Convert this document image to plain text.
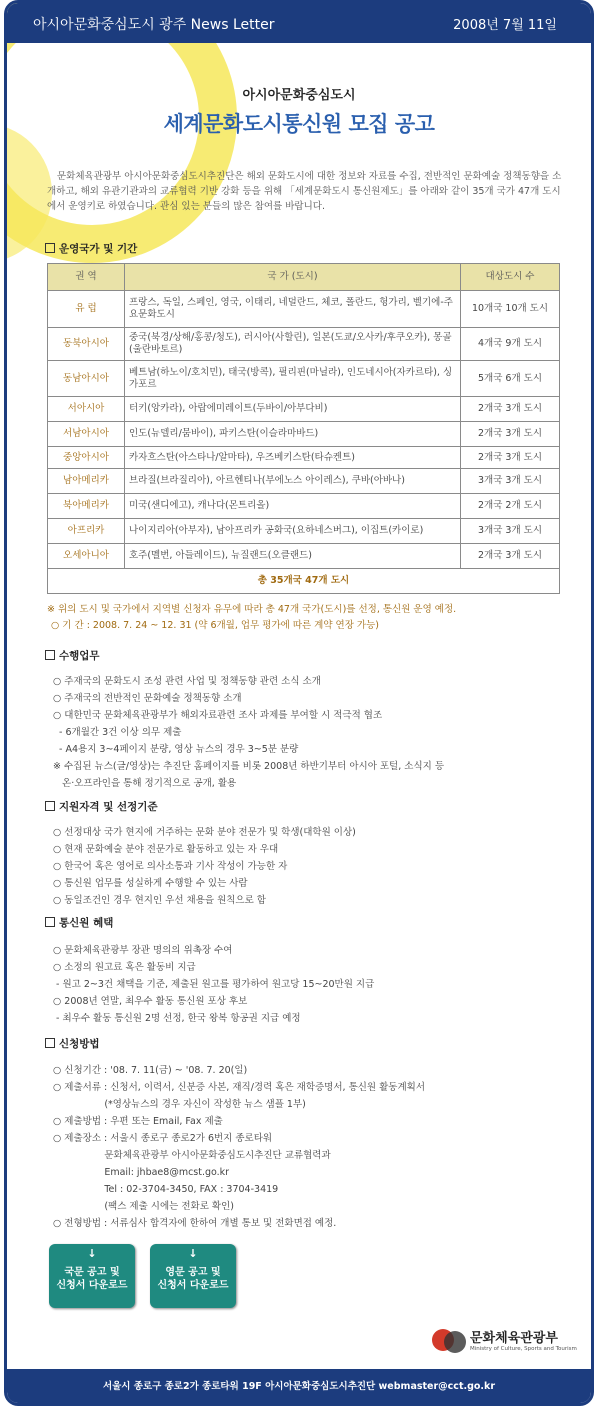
아시아문화중심도시 광주 News Letter	2008년 7월 11일
아시아문화중심도시
세계문화도시통신원 모집 공고
문화체육관광부 아시아문화중심도시추진단은 해외 문화도시에 대한 정보와 자료를 수집, 전반적인 문화예술 정책동향을 소개하고, 해외 유관기관과의 교류협력 기반 강화 등을 위해 「세계문화도시 통신원제도」를 아래와 같이 35개 국가 47개 도시에서 운영키로 하였습니다. 관심 있는 분들의 많은 참여를 바랍니다.
운영국가 및 기간
권 역	국 가 (도시)	대상도시 수
유 럽	프랑스, 독일, 스페인, 영국, 이태리, 네덜란드, 체코, 폴란드, 헝가리, 벨기에-주요문화도시	10개국 10개 도시
동북아시아	중국(북경/상해/홍콩/청도), 러시아(사할린), 일본(도쿄/오사카/후쿠오카), 몽골(울란바토르)	4개국 9개 도시
동남아시아	베트남(하노이/호치민), 태국(방콕), 필리핀(마닐라), 인도네시아(자카르타), 싱가포르	5개국 6개 도시
서아시아	터키(앙카라), 아랍에미레이트(두바이/아부다비)	2개국 3개 도시
서남아시아	인도(뉴델리/뭄바이), 파키스탄(이슬라마바드)	2개국 3개 도시
중앙아시아	카자흐스탄(아스타나/알마타), 우즈베키스탄(타슈켄트)	2개국 3개 도시
남아메리카	브라질(브라질리아), 아르헨티나(부에노스 아이레스), 쿠바(아바나)	3개국 3개 도시
북아메리카	미국(샌디에고), 캐나다(몬트리올)	2개국 2개 도시
아프리카	나이지리아(아부자), 남아프리카 공화국(요하네스버그), 이집트(카이로)	3개국 3개 도시
오세아니아	호주(멜번, 아들레이드), 뉴질랜드(오클랜드)	2개국 3개 도시
총 35개국 47개 도시		
※ 위의 도시 및 국가에서 지역별 신청자 유무에 따라 총 47개 국가(도시)를 선정, 통신원 운영 예정.
○ 기 간 : 2008. 7. 24 ~ 12. 31 (약 6개월, 업무 평가에 따른 계약 연장 가능)
수행업무
○ 주재국의 문화도시 조성 관련 사업 및 정책동향 관련 소식 소개
○ 주재국의 전반적인 문화예술 정책동향 소개
○ 대한민국 문화체육관광부가 해외자료관련 조사 과제를 부여할 시 적극적 협조
- 6개월간 3건 이상 의무 제출
- A4용지 3~4페이지 분량, 영상 뉴스의 경우 3~5분 분량
※ 수집된 뉴스(글/영상)는 추진단 홈페이지를 비롯 2008년 하반기부터 아시아 포털, 소식지 등
온·오프라인을 통해 정기적으로 공개, 활용
지원자격 및 선정기준
○ 선정대상 국가 현지에 거주하는 문화 분야 전문가 및 학생(대학원 이상)
○ 현재 문화예술 분야 전문가로 활동하고 있는 자 우대
○ 한국어 혹은 영어로 의사소통과 기사 작성이 가능한 자
○ 통신원 업무를 성실하게 수행할 수 있는 사람
○ 동일조건인 경우 현지인 우선 채용을 원칙으로 함
통신원 혜택
○ 문화체육관광부 장관 명의의 위촉장 수여
○ 소정의 원고료 혹은 활동비 지급
- 원고 2~3건 채택을 기준, 제출된 원고를 평가하여 원고당 15~20만원 지급
○ 2008년 연말, 최우수 활동 통신원 포상 후보
- 최우수 활동 통신원 2명 선정, 한국 왕복 항공권 지급 예정
신청방법
○ 신청기간 : '08. 7. 11(금) ~ '08. 7. 20(일)
○ 제출서류 : 신청서, 이력서, 신분증 사본, 재직/경력 혹은 재학증명서, 통신원 활동계획서
(*영상뉴스의 경우 자신이 작성한 뉴스 샘플 1부)
○ 제출방법 : 우편 또는 Email, Fax 제출
○ 제출장소 : 서울시 종로구 종로2가 6번지 종로타워
문화체육관광부 아시아문화중심도시추진단 교류협력과
Email: jhbae8@mcst.go.kr
Tel : 02-3704-3450, FAX : 3704-3419
(팩스 제출 시에는 전화로 확인)
○ 전형방법 : 서류심사 합격자에 한하여 개별 통보 및 전화면접 예정.
↓
국문 공고 및
신청서 다운로드
↓
영문 공고 및
신청서 다운로드
문화체육관광부
Ministry of Culture, Sports and Tourism
서울시 종로구 종로2가 종로타워 19F 아시아문화중심도시추진단 webmaster@cct.go.kr
